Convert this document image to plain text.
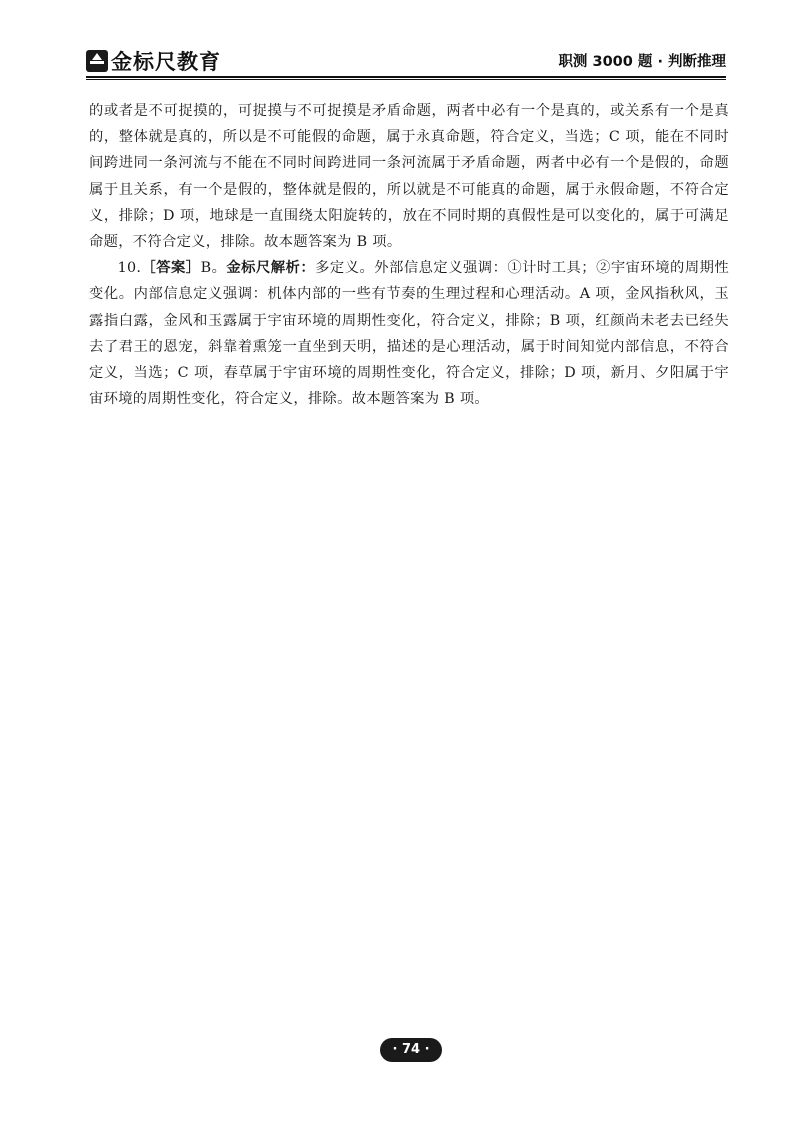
金标尺教育	职测 3000 题 · 判断推理

的或者是不可捉摸的，可捉摸与不可捉摸是矛盾命题，两者中必有一个是真的，或关系有一个是真的，整体就是真的，所以是不可能假的命题，属于永真命题，符合定义，当选；C 项，能在不同时间跨进同一条河流与不能在不同时间跨进同一条河流属于矛盾命题，两者中必有一个是假的，命题属于且关系，有一个是假的，整体就是假的，所以就是不可能真的命题，属于永假命题，不符合定义，排除；D 项，地球是一直围绕太阳旋转的，放在不同时期的真假性是可以变化的，属于可满足命题，不符合定义，排除。故本题答案为 B 项。

10.［答案］B。金标尺解析：多定义。外部信息定义强调：①计时工具；②宇宙环境的周期性变化。内部信息定义强调：机体内部的一些有节奏的生理过程和心理活动。A 项，金风指秋风，玉露指白露，金风和玉露属于宇宙环境的周期性变化，符合定义，排除；B 项，红颜尚未老去已经失去了君王的恩宠，斜靠着熏笼一直坐到天明，描述的是心理活动，属于时间知觉内部信息，不符合定义，当选；C 项，春草属于宇宙环境的周期性变化，符合定义，排除；D 项，新月、夕阳属于宇宙环境的周期性变化，符合定义，排除。故本题答案为 B 项。

· 74 ·
